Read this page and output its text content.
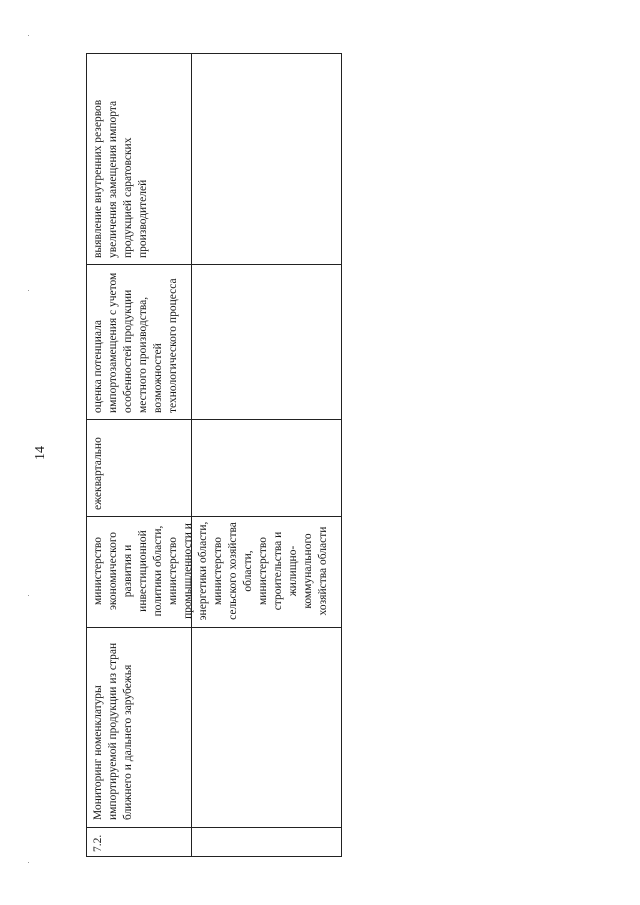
14
7.2.
Мониторинг номенклатуры импортируемой продукции из стран ближнего и дальнего зарубежья
министерство экономического развития и инвестиционной политики области, министерство промышленности и энергетики области, министерство сельского хозяйства области, министерство строительства и жилищно-коммунального хозяйства области
ежеквартально
оценка потенциала импортозамещения с учетом особенностей продукции местного производства, возможностей технологического процесса
выявление внутренних резервов увеличения замещения импорта продукцией саратовских производителей
